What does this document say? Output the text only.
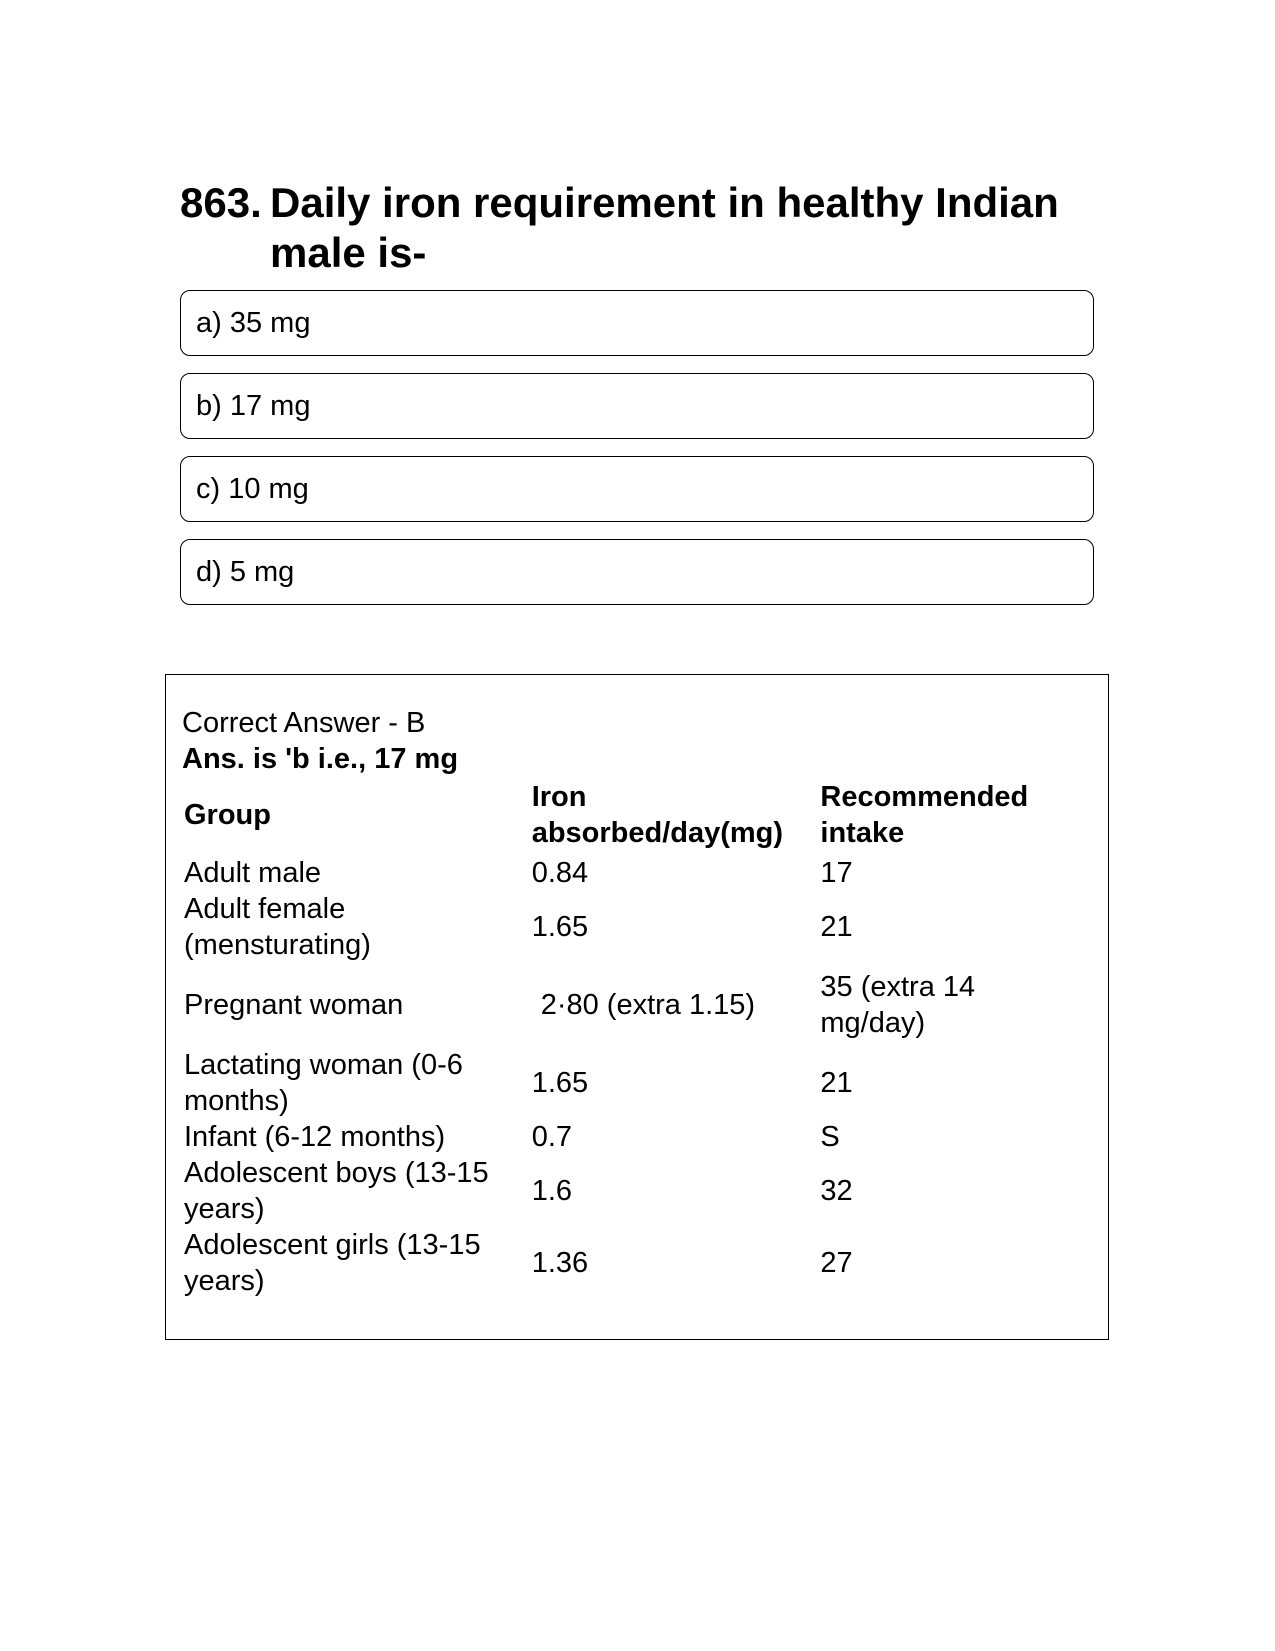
863. Daily iron requirement in healthy Indian male is-
a) 35 mg
b) 17 mg
c) 10 mg
d) 5 mg
Correct Answer - B
Ans. is 'b i.e., 17 mg
Group	Iron absorbed/day(mg)	Recommended intake
Adult male	0.84	17
Adult female (mensturating)	1.65	21
Pregnant woman	2·80 (extra 1.15)	35 (extra 14 mg/day)
Lactating woman (0-6 months)	1.65	21
Infant (6-12 months)	0.7	S
Adolescent boys (13-15 years)	1.6	32
Adolescent girls (13-15 years)	1.36	27
